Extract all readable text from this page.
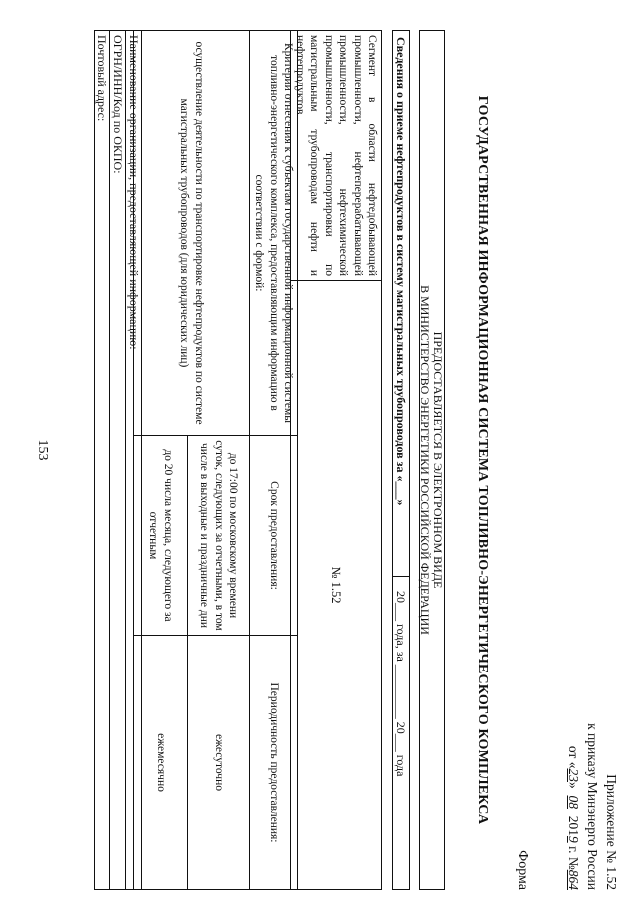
153
Приложение № 1.52
к приказу Минэнерго России
от «23»  08  2019 г. №864
Форма
ГОСУДАРСТВЕННАЯ ИНФОРМАЦИОННАЯ СИСТЕМА ТОПЛИВНО-ЭНЕРГЕТИЧЕСКОГО КОМПЛЕКСА
ПРЕДОСТАВЛЯЕТСЯ В ЭЛЕКТРОННОМ ВИДЕ
В МИНИСТЕРСТВО ЭНЕРГЕТИКИ РОССИЙСКОЙ ФЕДЕРАЦИИ
Сведения о приеме нефтепродуктов в систему магистральных трубопроводов за «___»
20___ года, за _________ 20___ года
Сегмент в области нефтедобывающей промышленности, нефтеперерабатывающей промышленности, нефтехимической промышленности, транспортировки по магистральным трубопроводам нефти и нефтепродуктов	№ 1.52
Критерии отнесения к субъектам государственной информационной системы топливно-энергетического комплекса, предоставляющим информацию в соответствии с формой:	Срок предоставления:	Периодичность предоставления:
осуществление деятельности по транспортировке нефтепродуктов по системе магистральных трубопроводов (для юридических лиц)	до 17:00 по московскому времени суток, следующих за отчетными, в том числе в выходные и праздничные дни	ежесуточно
	до 20 числа месяца, следующего за отчетным	ежемесячно
Наименование организации, предоставляющей информацию:
ОГРН/ИНН/Код по ОКПО:
Почтовый адрес:
